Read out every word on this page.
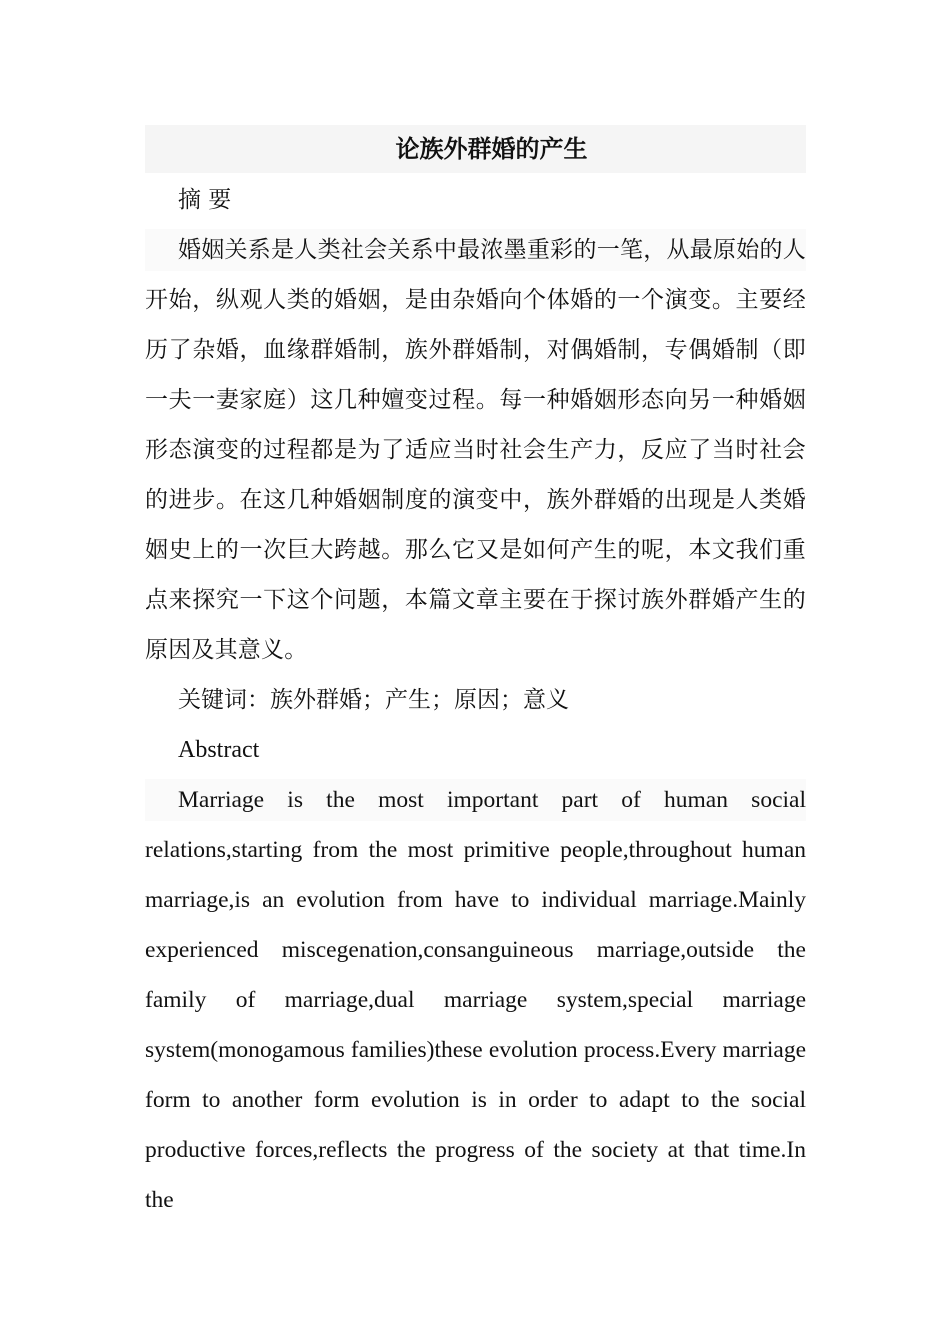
论族外群婚的产生
摘 要
婚姻关系是人类社会关系中最浓墨重彩的一笔，从最原始的人开始，纵观人类的婚姻，是由杂婚向个体婚的一个演变。主要经历了杂婚，血缘群婚制，族外群婚制，对偶婚制，专偶婚制（即一夫一妻家庭）这几种嬗变过程。每一种婚姻形态向另一种婚姻形态演变的过程都是为了适应当时社会生产力，反应了当时社会的进步。在这几种婚姻制度的演变中，族外群婚的出现是人类婚姻史上的一次巨大跨越。那么它又是如何产生的呢，本文我们重点来探究一下这个问题，本篇文章主要在于探讨族外群婚产生的原因及其意义。
关键词：族外群婚；产生；原因；意义
Abstract
Marriage is the most important part of human social relations,starting from the most primitive people,throughout human marriage,is an evolution from have to individual marriage.Mainly experienced miscegenation,consanguineous marriage,outside the family of marriage,dual marriage system,special marriage system(monogamous families)these evolution process.Every marriage form to another form evolution is in order to adapt to the social productive forces,reflects the progress of the society at that time.In the
